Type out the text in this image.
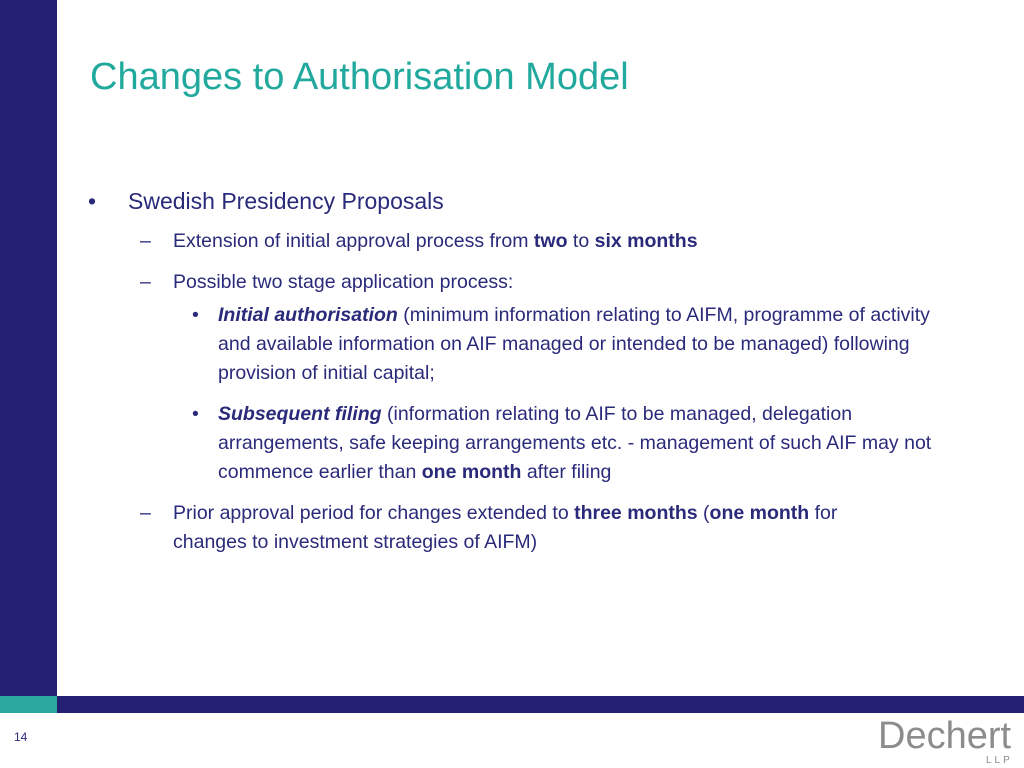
Changes to Authorisation Model
• Swedish Presidency Proposals
– Extension of initial approval process from two to six months
– Possible two stage application process:
• Initial authorisation (minimum information relating to AIFM, programme of activity and available information on AIF managed or intended to be managed) following provision of initial capital;
• Subsequent filing (information relating to AIF to be managed, delegation arrangements, safe keeping arrangements etc. - management of such AIF may not commence earlier than one month after filing
– Prior approval period for changes extended to three months (one month for changes to investment strategies of AIFM)
14	Dechert
LLP
